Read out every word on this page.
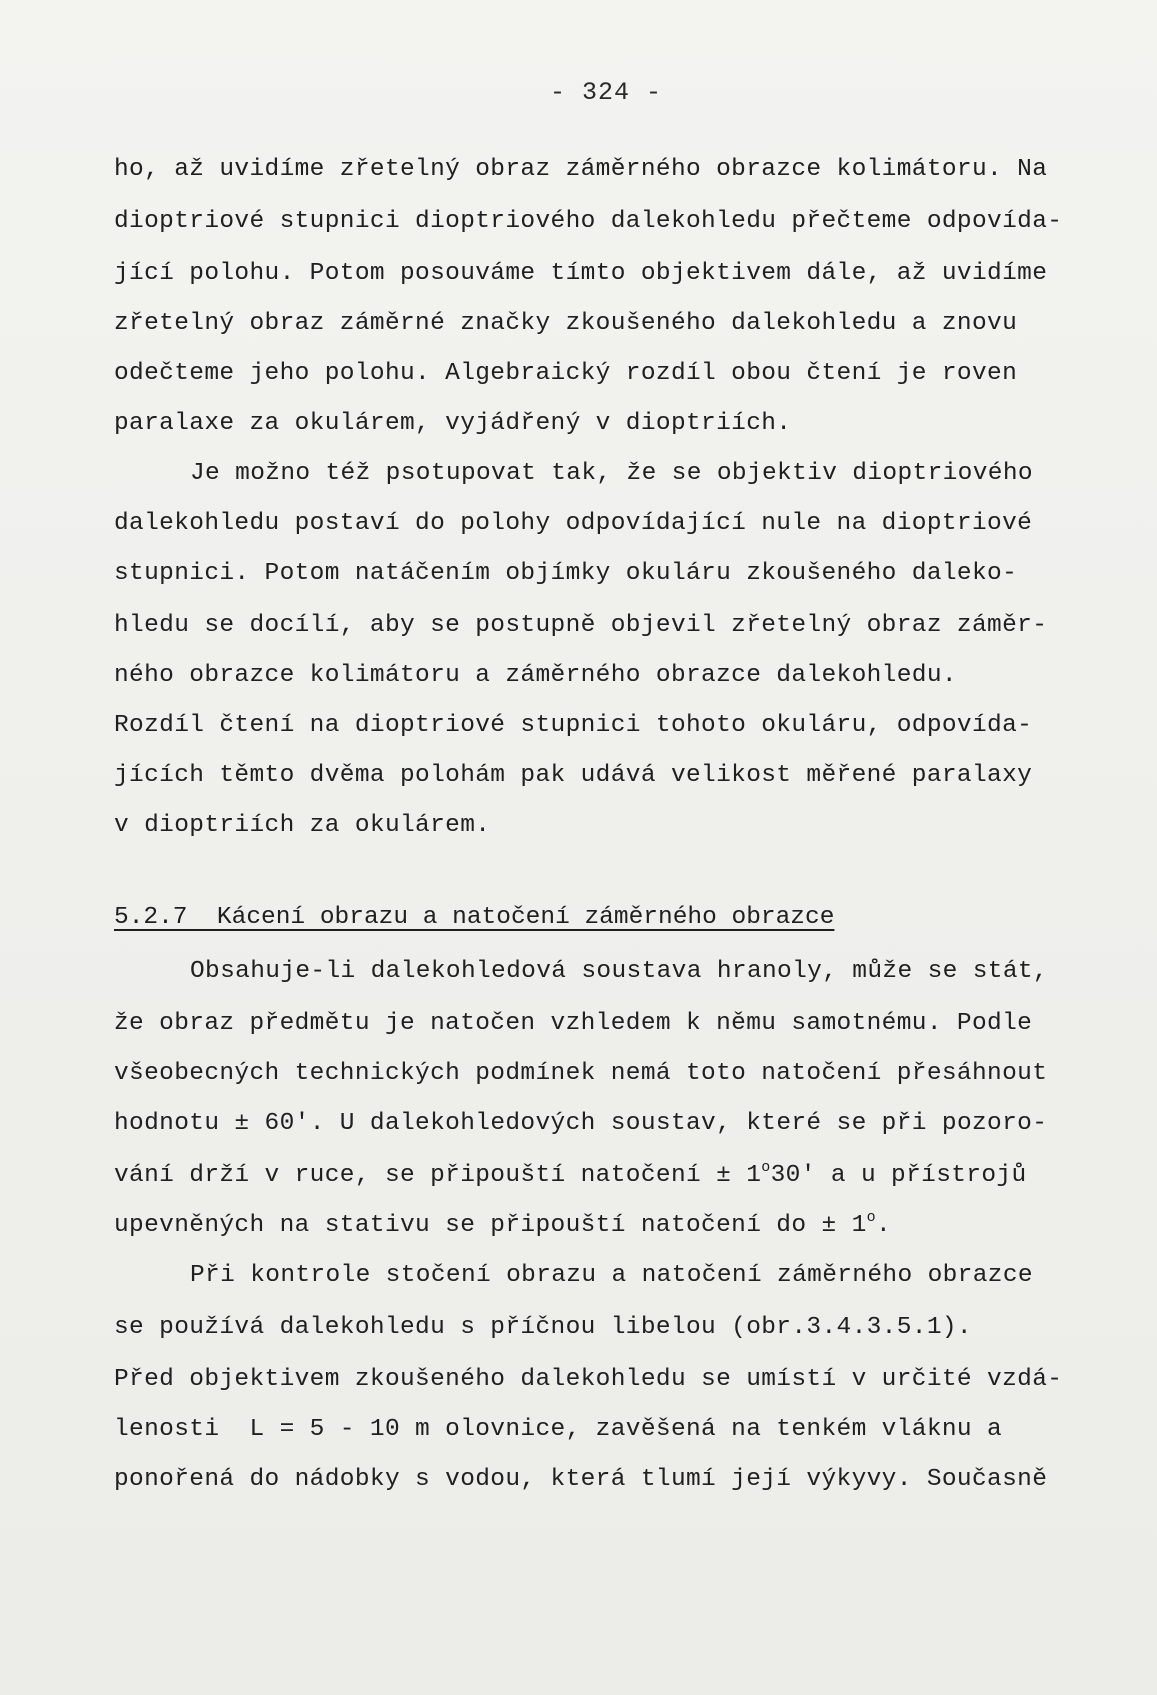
- 324 -
ho, až uvidíme zřetelný obraz záměrného obrazce kolimátoru. Na
dioptriové stupnici dioptriového dalekohledu přečteme odpovída-
jící polohu. Potom posouváme tímto objektivem dále, až uvidíme
zřetelný obraz záměrné značky zkoušeného dalekohledu a znovu
odečteme jeho polohu. Algebraický rozdíl obou čtení je roven
paralaxe za okulárem, vyjádřený v dioptriích.
Je možno též psotupovat tak, že se objektiv dioptriového
dalekohledu postaví do polohy odpovídající nule na dioptriové
stupnici. Potom natáčením objímky okuláru zkoušeného daleko-
hledu se docílí, aby se postupně objevil zřetelný obraz záměr-
ného obrazce kolimátoru a záměrného obrazce dalekohledu.
Rozdíl čtení na dioptriové stupnici tohoto okuláru, odpovída-
jících těmto dvěma polohám pak udává velikost měřené paralaxy
v dioptriích za okulárem.
5.2.7  Kácení obrazu a natočení záměrného obrazce
Obsahuje-li dalekohledová soustava hranoly, může se stát,
že obraz předmětu je natočen vzhledem k němu samotnému. Podle
všeobecných technických podmínek nemá toto natočení přesáhnout
hodnotu ± 60′. U dalekohledových soustav, které se při pozoro-
vání drží v ruce, se připouští natočení ± $1^o30'$ a u přístrojů
upevněných na stativu se připouští natočení do ± $1^o$.
Při kontrole stočení obrazu a natočení záměrného obrazce
se používá dalekohledu s příčnou libelou (obr.3.4.3.5.1).
Před objektivem zkoušeného dalekohledu se umístí v určité vzdá-
lenosti  L = 5 - 10 m olovnice, zavěšená na tenkém vláknu a
ponořená do nádobky s vodou, která tlumí její výkyvy. Současně
